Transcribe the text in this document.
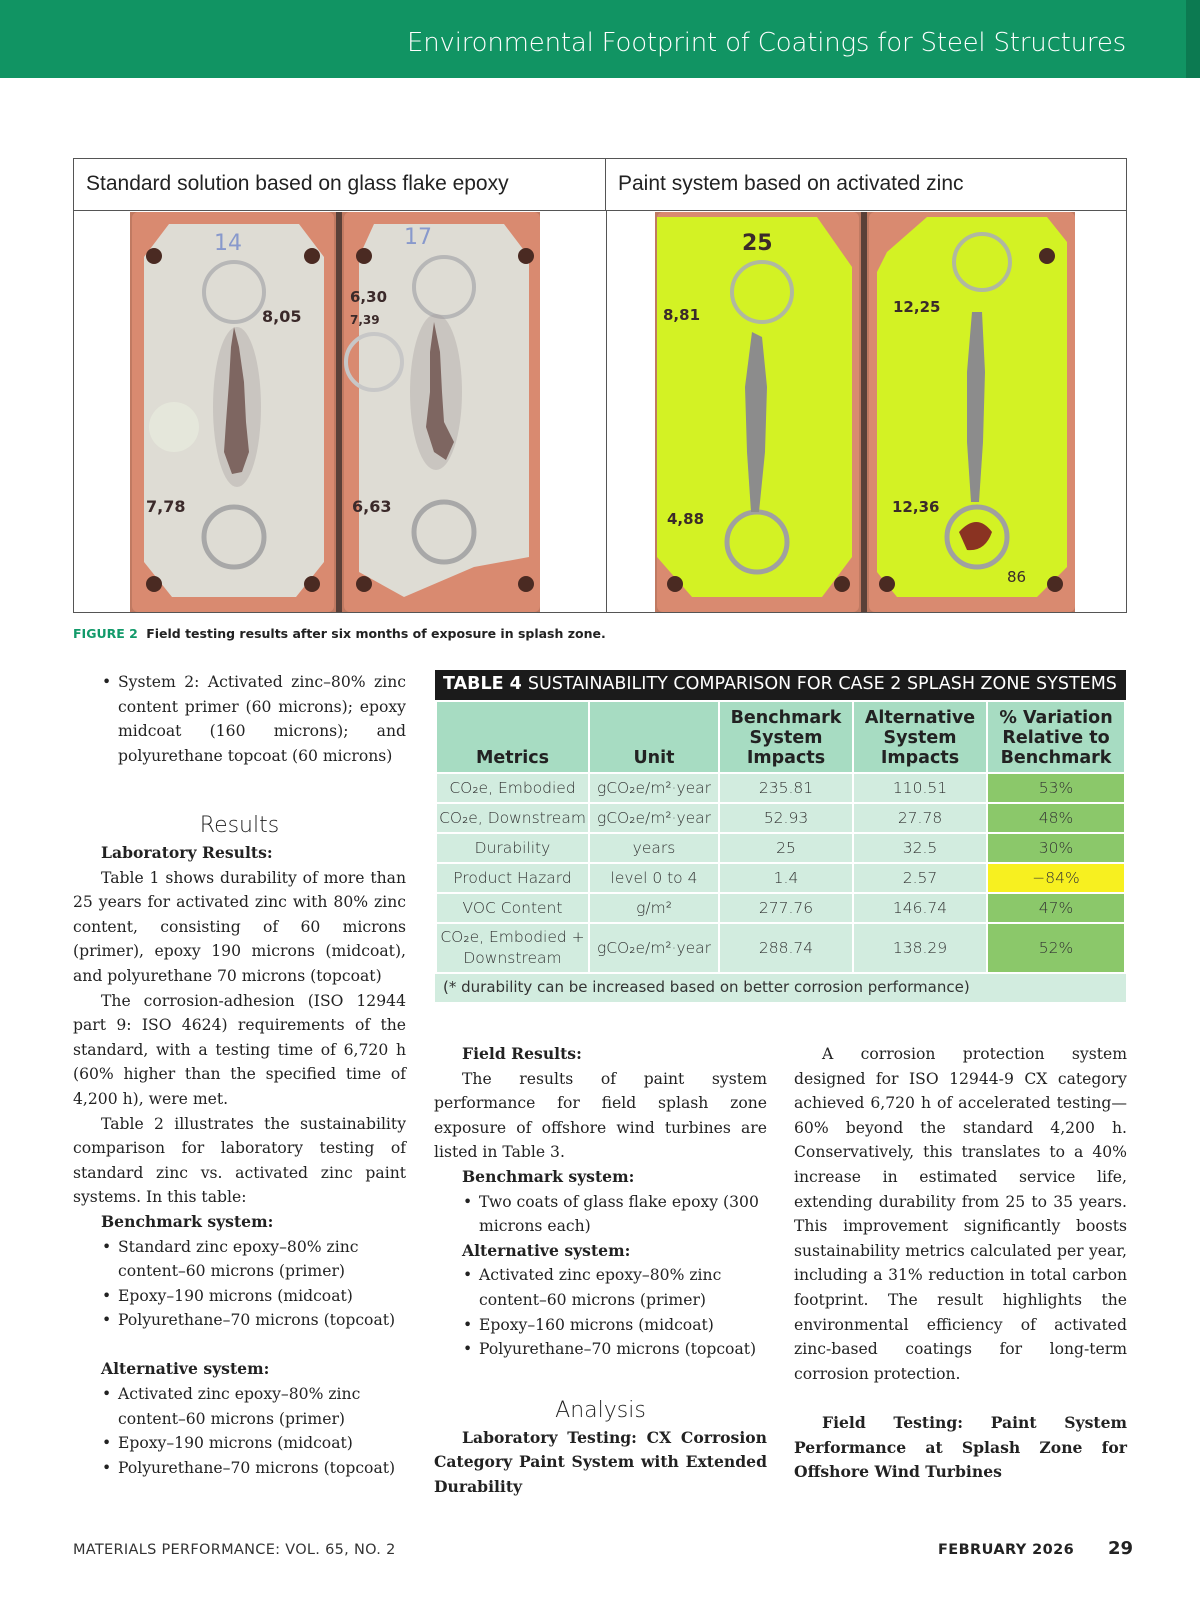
Environmental Footprint of Coatings for Steel Structures
Standard solution based on glass flake epoxy	Paint system based on activated zinc
14
8,05
7,78
17
6,30
7,39
6,63
25
8,81
4,88
12,25
12,36
86
FIGURE 2 Field testing results after six months of exposure in splash zone.
• System 2: Activated zinc–80% zinc content primer (60 microns); epoxy midcoat (160 microns); and polyurethane topcoat (60 microns)
Results

Laboratory Results:

Table 1 shows durability of more than 25 years for activated zinc with 80% zinc content, consisting of 60 microns (primer), epoxy 190 microns (midcoat), and polyurethane 70 microns (topcoat)

The corrosion-adhesion (ISO 12944 part 9: ISO 4624) requirements of the standard, with a testing time of 6,720 h (60% higher than the specified time of 4,200 h), were met.

Table 2 illustrates the sustainability comparison for laboratory testing of standard zinc vs. activated zinc paint systems. In this table:

Benchmark system:

• Standard zinc epoxy–80% zinc content–60 microns (primer)
• Epoxy–190 microns (midcoat)
• Polyurethane–70 microns (topcoat)

Alternative system:

• Activated zinc epoxy–80% zinc content–60 microns (primer)
• Epoxy–190 microns (midcoat)
• Polyurethane–70 microns (topcoat)
TABLE 4 SUSTAINABILITY COMPARISON FOR CASE 2 SPLASH ZONE SYSTEMS
Metrics	Unit	Benchmark System Impacts	Alternative System Impacts	% Variation Relative to Benchmark
CO₂e, Embodied	gCO₂e/m²·year	235.81	110.51	53%
CO₂e, Downstream	gCO₂e/m²·year	52.93	27.78	48%
Durability	years	25	32.5	30%
Product Hazard	level 0 to 4	1.4	2.57	−84%
VOC Content	g/m²	277.76	146.74	47%
CO₂e, Embodied + Downstream	gCO₂e/m²·year	288.74	138.29	52%
(* durability can be increased based on better corrosion performance)

Field Results:

The results of paint system performance for field splash zone exposure of offshore wind turbines are listed in Table 3.

Benchmark system:

• Two coats of glass flake epoxy (300 microns each)

Alternative system:

• Activated zinc epoxy–80% zinc content–60 microns (primer)
• Epoxy–160 microns (midcoat)
• Polyurethane–70 microns (topcoat)

Analysis

Laboratory Testing: CX Corrosion Category Paint System with Extended Durability

A corrosion protection system designed for ISO 12944-9 CX category achieved 6,720 h of accelerated testing—60% beyond the standard 4,200 h. Conservatively, this translates to a 40% increase in estimated service life, extending durability from 25 to 35 years. This improvement significantly boosts sustainability metrics calculated per year, including a 31% reduction in total carbon footprint. The result highlights the environmental efficiency of activated zinc-based coatings for long-term corrosion protection.

Field Testing: Paint System Performance at Splash Zone for Offshore Wind Turbines

MATERIALS PERFORMANCE: VOL. 65, NO. 2	FEBRUARY 2026 29
